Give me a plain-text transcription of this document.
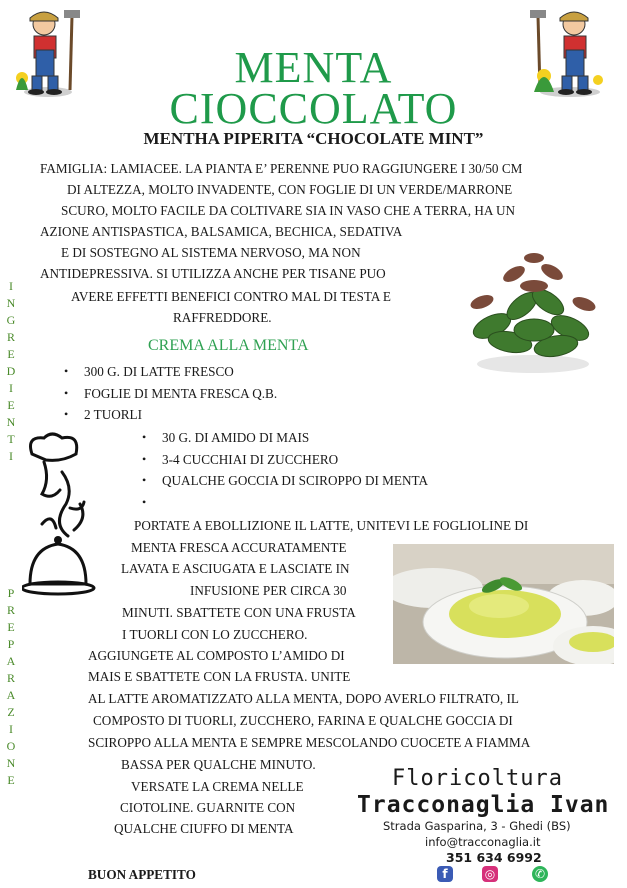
MENTA
CIOCCOLATO
MENTHA PIPERITA “CHOCOLATE MINT”
FAMIGLIA: LAMIACEE. LA PIANTA E’ PERENNE PUO RAGGIUNGERE I 30/50 CM
DI ALTEZZA, MOLTO INVADENTE, CON FOGLIE DI UN VERDE/MARRONE
SCURO, MOLTO FACILE DA COLTIVARE SIA IN VASO CHE A TERRA, HA UN
AZIONE ANTISPASTICA, BALSAMICA, BECHICA, SEDATIVA
E DI SOSTEGNO AL SISTEMA NERVOSO, MA NON
ANTIDEPRESSIVA. SI UTILIZZA ANCHE PER TISANE PUO
AVERE EFFETTI BENEFICI CONTRO MAL DI TESTA E
RAFFREDDORE.
INGREDIENTI
PREPARAZIONE
CREMA ALLA MENTA
• 300 G. DI LATTE FRESCO
• FOGLIE DI MENTA FRESCA Q.B.
• 2 TUORLI
• 30 G. DI AMIDO DI MAIS
• 3-4 CUCCHIAI DI ZUCCHERO
• QUALCHE GOCCIA DI SCIROPPO DI MENTA
PORTATE A EBOLLIZIONE IL LATTE, UNITEVI LE FOGLIOLINE DI
MENTA FRESCA ACCURATAMENTE
LAVATA E ASCIUGATA E LASCIATE IN
INFUSIONE PER CIRCA 30
MINUTI. SBATTETE CON UNA FRUSTA
I TUORLI CON LO ZUCCHERO.
AGGIUNGETE AL COMPOSTO L’AMIDO DI
MAIS E SBATTETE CON LA FRUSTA. UNITE
AL LATTE AROMATIZZATO ALLA MENTA, DOPO AVERLO FILTRATO, IL
COMPOSTO DI TUORLI, ZUCCHERO, FARINA E QUALCHE GOCCIA DI
SCIROPPO ALLA MENTA E SEMPRE MESCOLANDO CUOCETE A FIAMMA
BASSA PER QUALCHE MINUTO.
VERSATE LA CREMA NELLE
CIOTOLINE. GUARNITE CON
QUALCHE CIUFFO DI MENTA
BUON APPETITO
Floricoltura
Tracconaglia Ivan
Strada Gasparina, 3 - Ghedi (BS)
info@tracconaglia.it
351 634 6992
f	◎	✆
